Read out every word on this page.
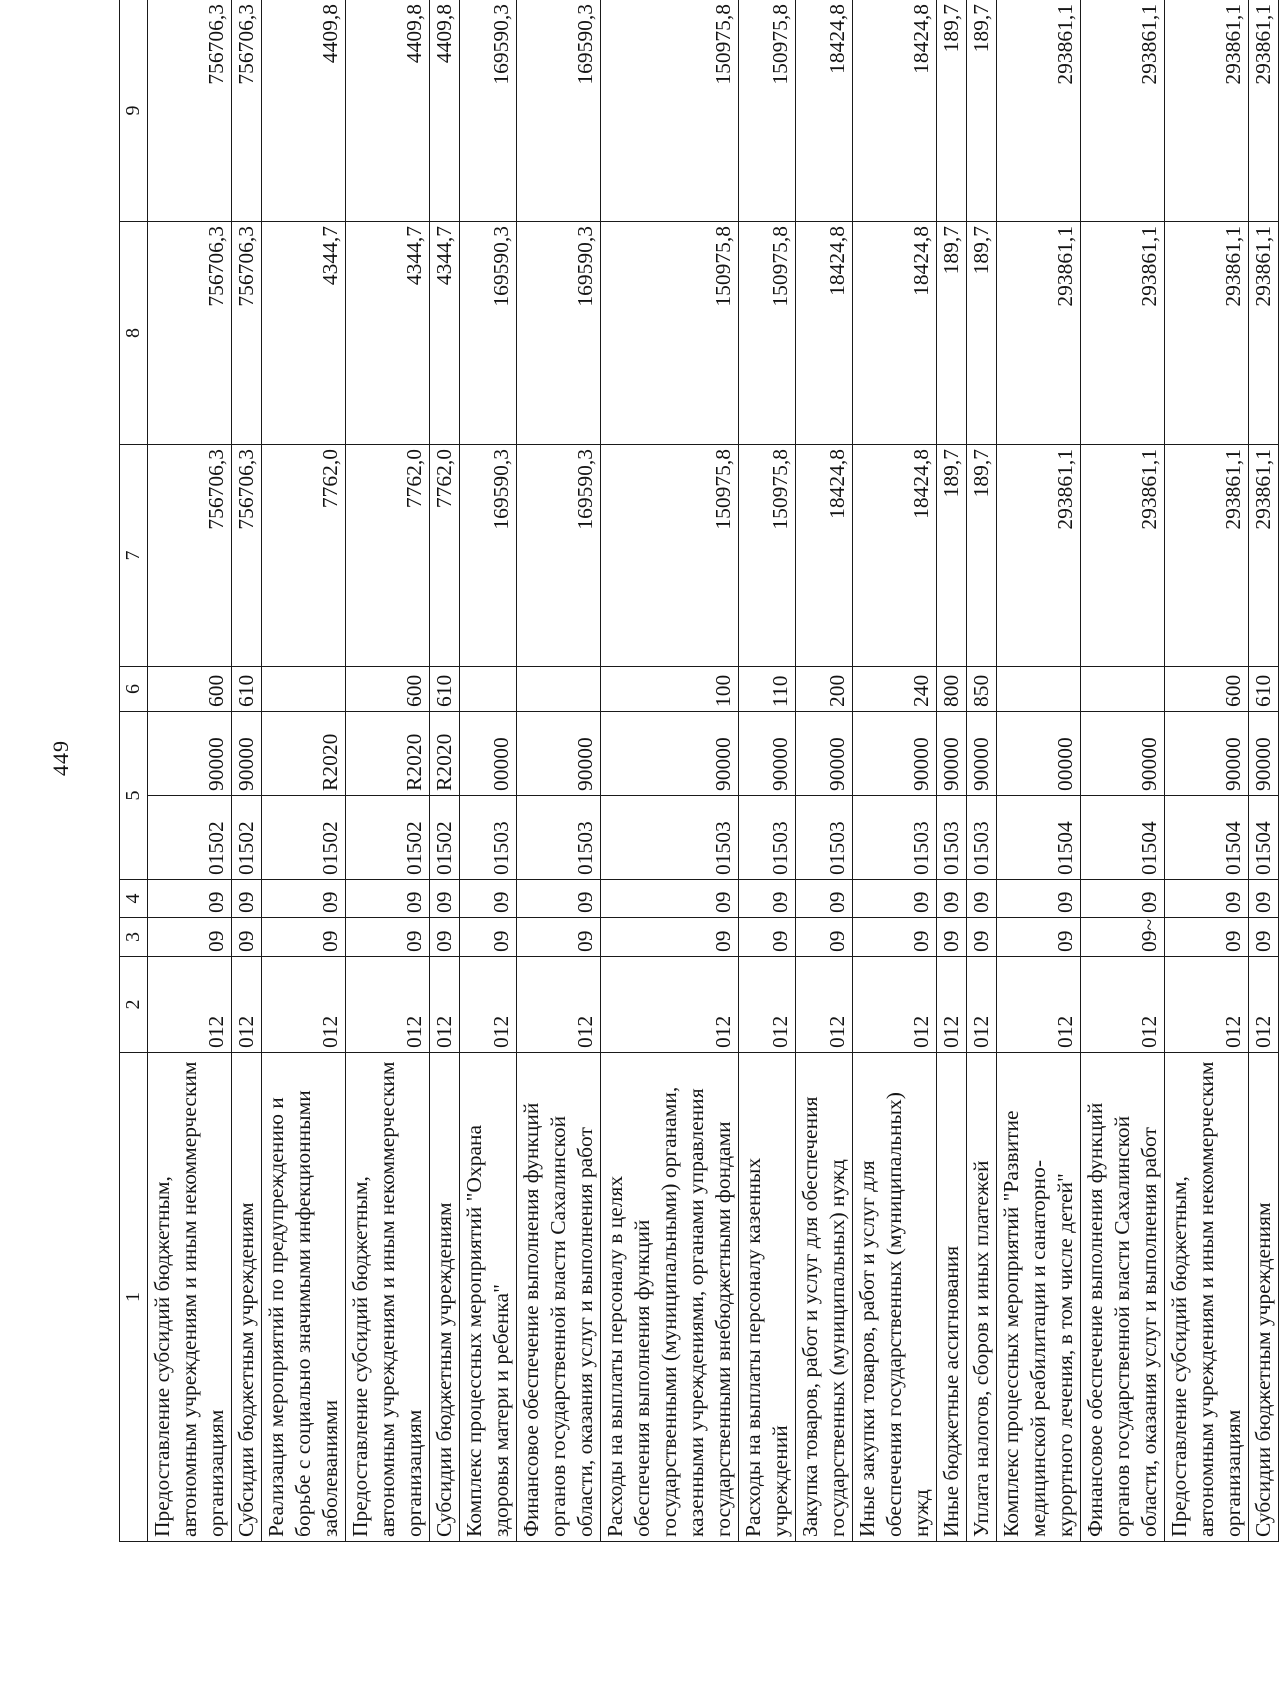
449
1	2	3	4	5		6	7	8	9
Предоставление субсидий бюджетным, автономным учреждениям и иным некоммерческим организациям	012	09	09	01502	90000	600	756706,3	756706,3	756706,3
Субсидии бюджетным учреждениям	012	09	09	01502	90000	610	756706,3	756706,3	756706,3
Реализация мероприятий по предупреждению и борьбе с социально значимыми инфекционными заболеваниями	012	09	09	01502	R2020		7762,0	4344,7	4409,8
Предоставление субсидий бюджетным, автономным учреждениям и иным некоммерческим организациям	012	09	09	01502	R2020	600	7762,0	4344,7	4409,8
Субсидии бюджетным учреждениям	012	09	09	01502	R2020	610	7762,0	4344,7	4409,8
Комплекс процессных мероприятий "Охрана здоровья матери и ребенка"	012	09	09	01503	00000		169590,3	169590,3	169590,3
Финансовое обеспечение выполнения функций органов государственной власти Сахалинской области, оказания услуг и выполнения работ	012	09	09	01503	90000		169590,3	169590,3	169590,3
Расходы на выплаты персоналу в целях обеспечения выполнения функций государственными (муниципальными) органами, казенными учреждениями, органами управления государственными внебюджетными фондами	012	09	09	01503	90000	100	150975,8	150975,8	150975,8
Расходы на выплаты персоналу казенных учреждений	012	09	09	01503	90000	110	150975,8	150975,8	150975,8
Закупка товаров, работ и услуг для обеспечения государственных (муниципальных) нужд	012	09	09	01503	90000	200	18424,8	18424,8	18424,8
Иные закупки товаров, работ и услуг для обеспечения государственных (муниципальных) нужд	012	09	09	01503	90000	240	18424,8	18424,8	18424,8
Иные бюджетные ассигнования	012	09	09	01503	90000	800	189,7	189,7	189,7
Уплата налогов, сборов и иных платежей	012	09	09	01503	90000	850	189,7	189,7	189,7
Комплекс процессных мероприятий "Развитие медицинской реабилитации и санаторно-курортного лечения, в том числе детей"	012	09	09	01504	00000		293861,1	293861,1	293861,1
Финансовое обеспечение выполнения функций органов государственной власти Сахалинской области, оказания услуг и выполнения работ	012	09~	09	01504	90000		293861,1	293861,1	293861,1
Предоставление субсидий бюджетным, автономным учреждениям и иным некоммерческим организациям	012	09	09	01504	90000	600	293861,1	293861,1	293861,1
Субсидии бюджетным учреждениям	012	09	09	01504	90000	610	293861,1	293861,1	293861,1
